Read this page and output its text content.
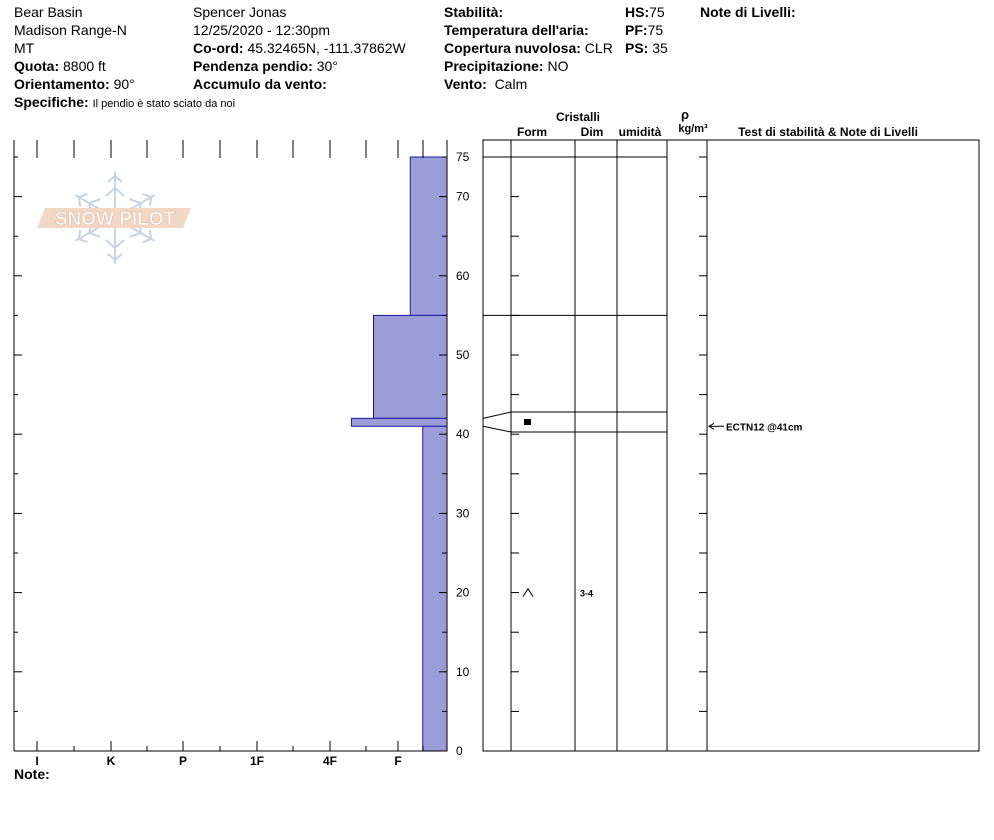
Bear Basin
Madison Range-N
MT
Quota: 8800 ft
Orientamento: 90°
Specifiche: Il pendio è stato sciato da noi
Spencer Jonas
12/25/2020 - 12:30pm
Co-ord: 45.32465N, -111.37862W
Pendenza pendio: 30°
Accumulo da vento:
Stabilità:
Temperatura dell'aria:
Copertura nuvolosa: CLR
Precipitazione: NO
Vento: Calm
HS:75
PF:75
PS: 35
Note di Livelli:
Cristalli
Form	Dim	umidità
ρ
kg/m³	Test di stabilità & Note di Livelli
Note:
SNOW PILOT
I	K	P	1F	4F	F
0
10
20
30
40
50
60
70
75
3-4
ECTN12 @41cm
